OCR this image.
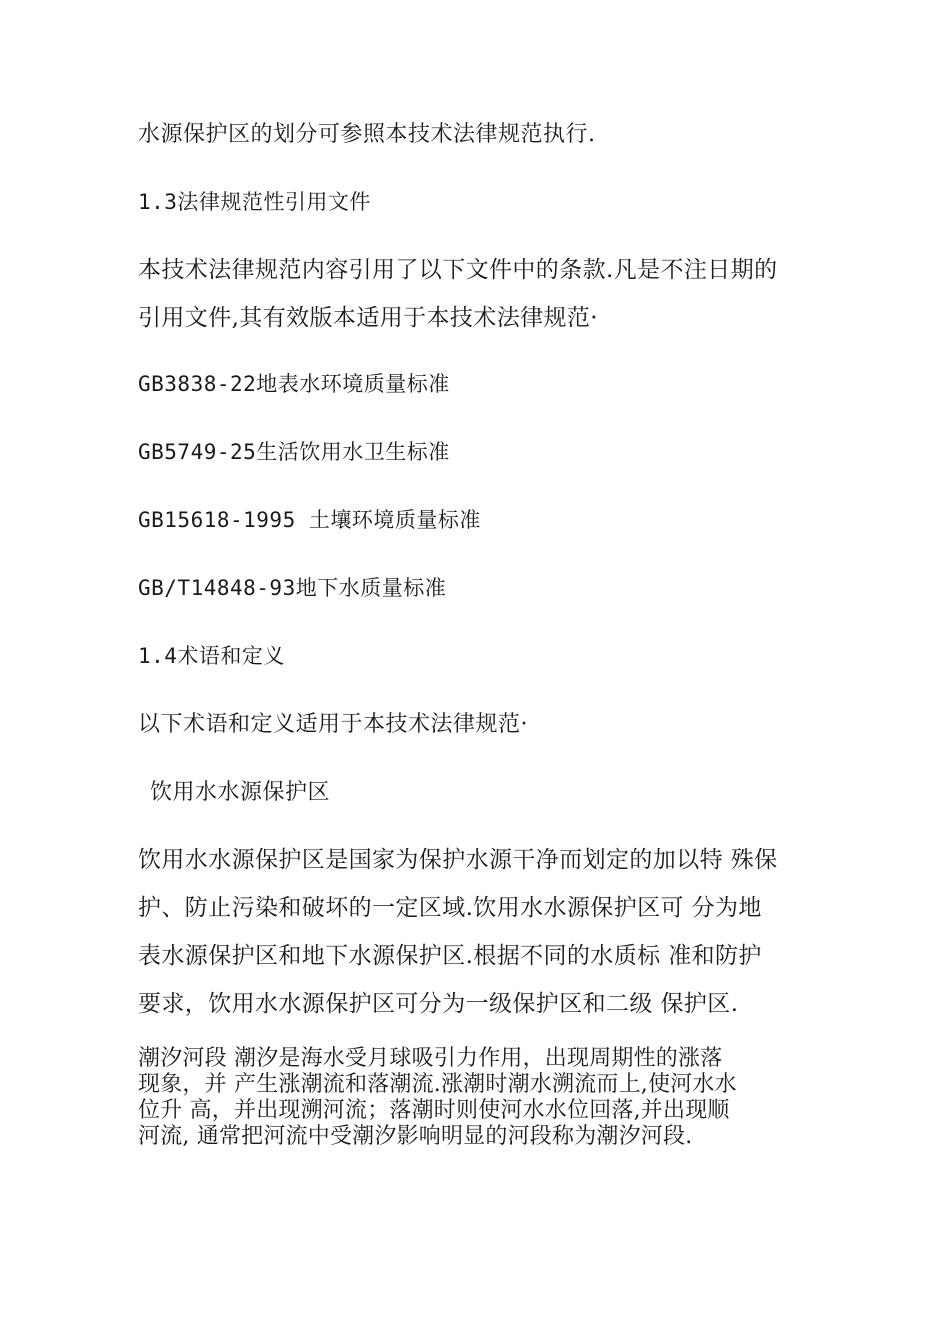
水源保护区的划分可参照本技术法律规范执行.
1.3法律规范性引用文件
本技术法律规范内容引用了以下文件中的条款.凡是不注日期的
引用文件,其有效版本适用于本技术法律规范·
GB3838-22地表水环境质量标准
GB5749-25生活饮用水卫生标准
GB15618-1995 土壤环境质量标准
GB/T14848-93地下水质量标准
1.4术语和定义
以下术语和定义适用于本技术法律规范·
饮用水水源保护区
饮用水水源保护区是国家为保护水源干净而划定的加以特 殊保
护、防止污染和破坏的一定区域.饮用水水源保护区可 分为地
表水源保护区和地下水源保护区.根据不同的水质标 准和防护
要求，饮用水水源保护区可分为一级保护区和二级 保护区.
潮汐河段 潮汐是海水受月球吸引力作用，出现周期性的涨落
现象，并 产生涨潮流和落潮流.涨潮时潮水溯流而上,使河水水
位升 高，并出现溯河流；落潮时则使河水水位回落,并出现顺
河流, 通常把河流中受潮汐影响明显的河段称为潮汐河段.
